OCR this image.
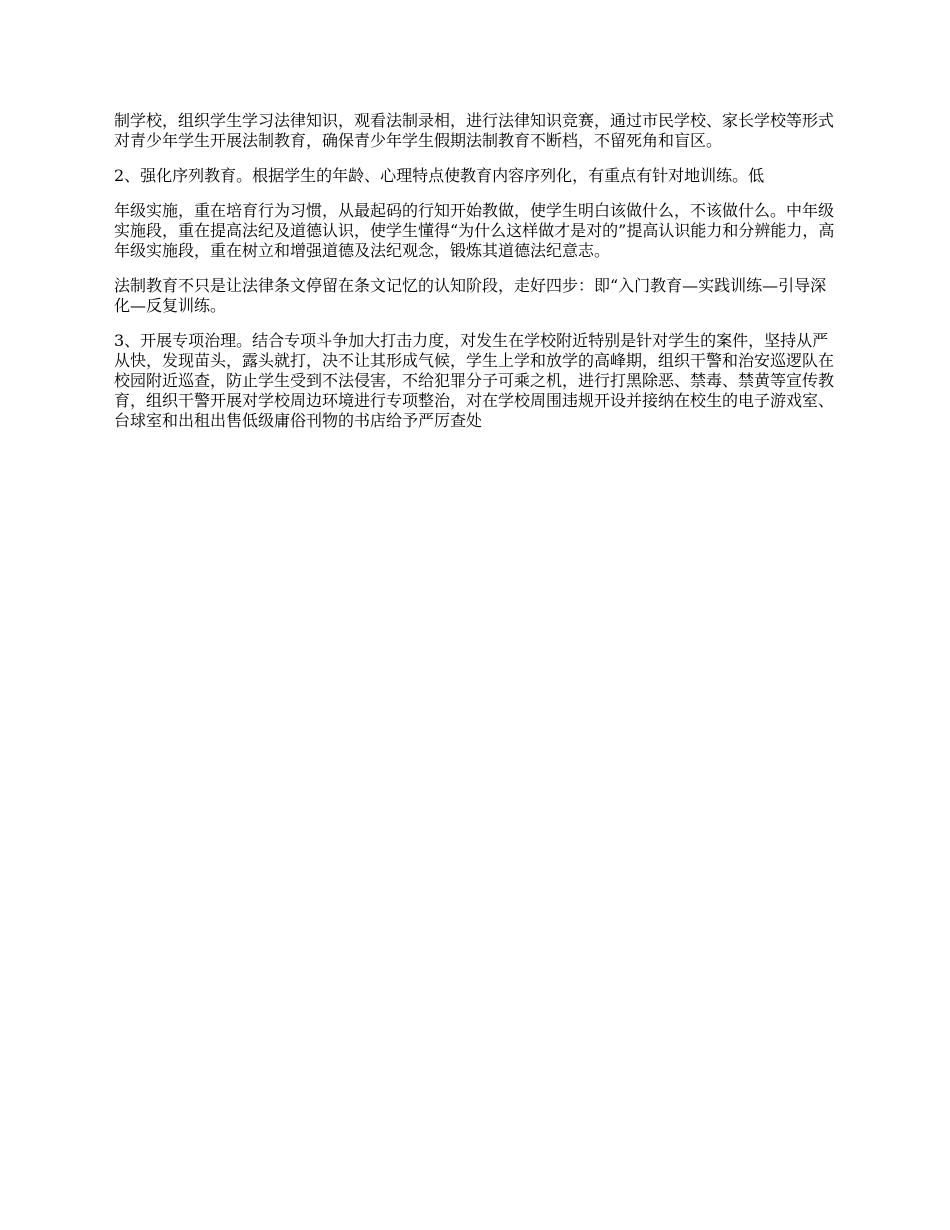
制学校，组织学生学习法律知识，观看法制录相，进行法律知识竞赛，通过市民学校、家长学校等形式对青少年学生开展法制教育，确保青少年学生假期法制教育不断档，不留死角和盲区。

2、强化序列教育。根据学生的年龄、心理特点使教育内容序列化，有重点有针对地训练。低

年级实施，重在培育行为习惯，从最起码的行知开始教做，使学生明白该做什么，不该做什么。中年级实施段，重在提高法纪及道德认识，使学生懂得“为什么这样做才是对的”提高认识能力和分辨能力，高年级实施段，重在树立和增强道德及法纪观念，锻炼其道德法纪意志。

法制教育不只是让法律条文停留在条文记忆的认知阶段，走好四步：即“入门教育—实践训练—引导深化—反复训练。

3、开展专项治理。结合专项斗争加大打击力度，对发生在学校附近特别是针对学生的案件，坚持从严从快，发现苗头，露头就打，决不让其形成气候，学生上学和放学的高峰期，组织干警和治安巡逻队在校园附近巡查，防止学生受到不法侵害，不给犯罪分子可乘之机，进行打黑除恶、禁毒、禁黄等宣传教育，组织干警开展对学校周边环境进行专项整治，对在学校周围违规开设并接纳在校生的电子游戏室、台球室和出租出售低级庸俗刊物的书店给予严厉查处
